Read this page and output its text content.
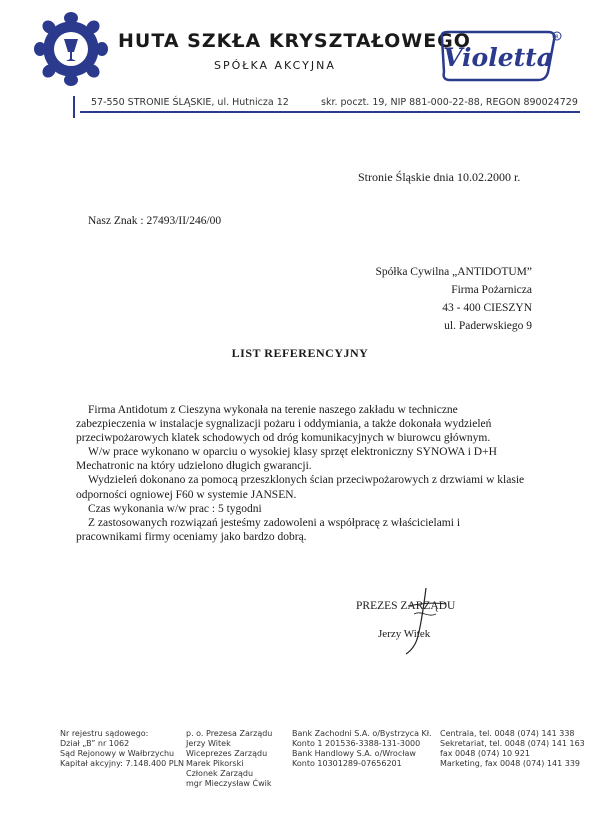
HUTA SZKŁA KRYSZTAŁOWEGO
SPÓŁKA AKCYJNA	Violetta
R
57-550 STRONIE ŚLĄSKIE, ul. Hutnicza 12	skr. poczt. 19, NIP 881-000-22-88, REGON 890024729
Stronie Śląskie dnia 10.02.2000 r.
Nasz Znak : 27493/II/246/00
Spółka Cywilna „ANTIDOTUM”
Firma Pożarnicza
43 - 400 CIESZYN
ul. Paderwskiego 9
LIST REFERENCYJNY

Firma Antidotum z Cieszyna wykonała na terenie naszego zakładu w techniczne zabezpieczenia w instalacje sygnalizacji pożaru i oddymiania, a także dokonała wydzieleń przeciwpożarowych klatek schodowych od dróg komunikacyjnych w biurowcu głównym.

W/w prace wykonano w oparciu o wysokiej klasy sprzęt elektroniczny SYNOWA i D+H Mechatronic na który udzielono długich gwarancji.

Wydzieleń dokonano za pomocą przeszklonych ścian przeciwpożarowych z drzwiami w klasie odporności ogniowej F60 w systemie JANSEN.

Czas wykonania w/w prac : 5 tygodni

Z zastosowanych rozwiązań jesteśmy zadowoleni a współpracę z właścicielami i pracownikami firmy oceniamy jako bardzo dobrą.

PREZES ZARZĄDU
Jerzy Witek
Nr rejestru sądowego:
Dział „B” nr 1062
Sąd Rejonowy w Wałbrzychu
Kapitał akcyjny: 7.148.400 PLN
p. o. Prezesa Zarządu
Jerzy Witek
Wiceprezes Zarządu
Marek Pikorski
Członek Zarządu
mgr Mieczysław Ćwik
Bank Zachodni S.A. o/Bystrzyca Kł.
Konto 1 201536-3388-131-3000
Bank Handlowy S.A. o/Wrocław
Konto 10301289-07656201
Centrala, tel. 0048 (074) 141 338
Sekretariat, tel. 0048 (074) 141 163
fax 0048 (074) 10 921
Marketing, fax 0048 (074) 141 339
